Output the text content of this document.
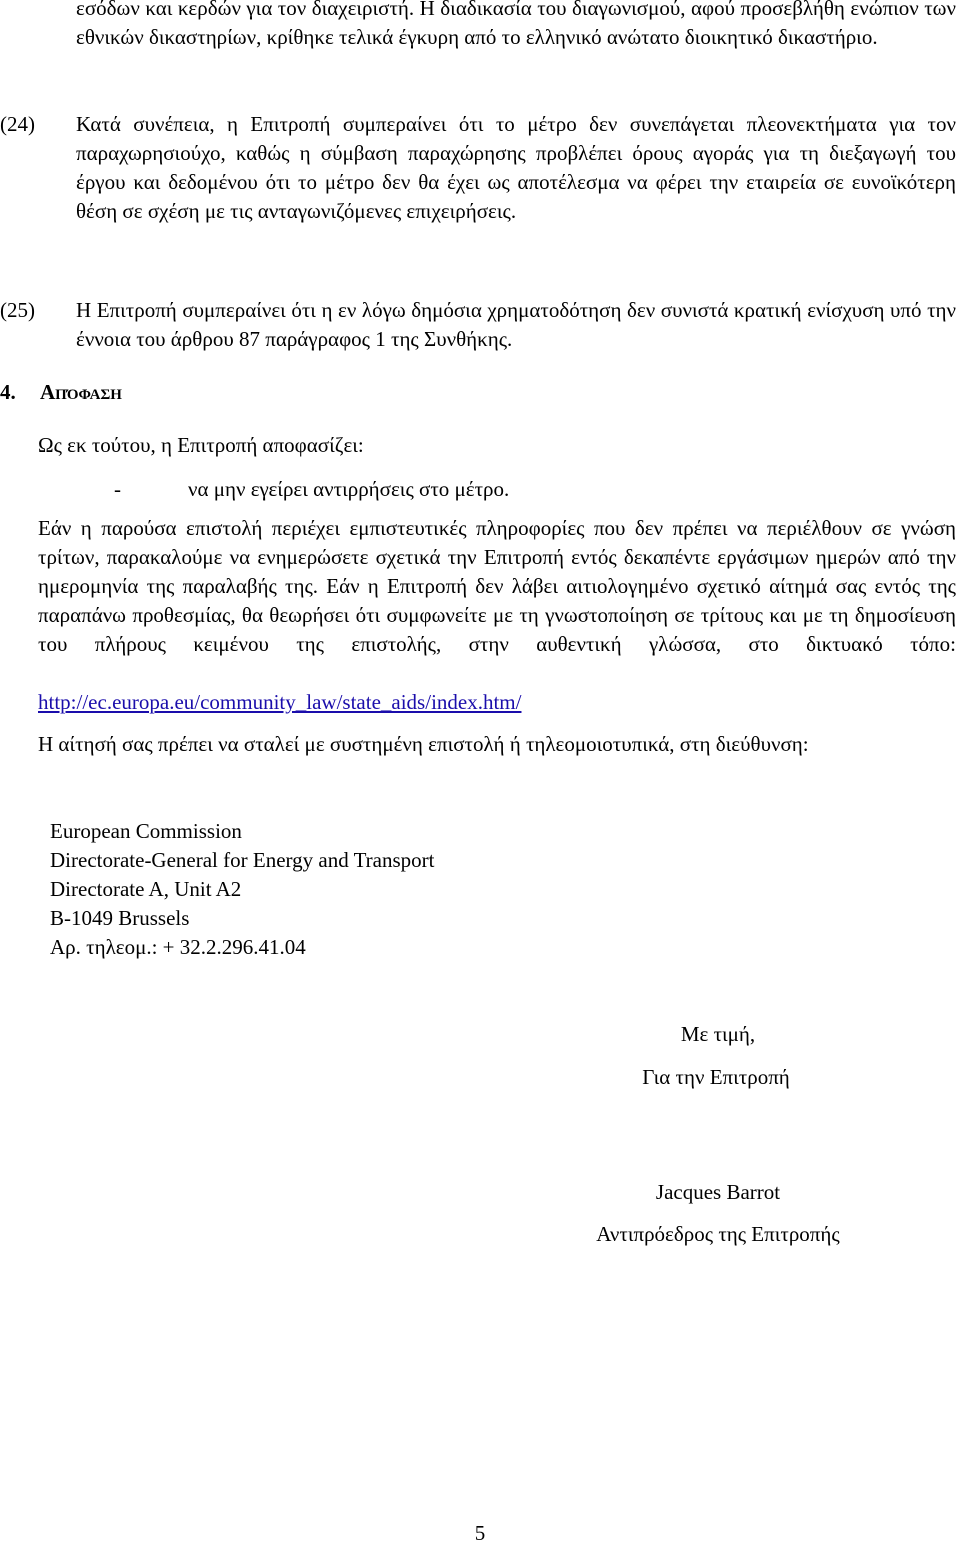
εσόδων και κερδών για τον διαχειριστή. Η διαδικασία του διαγωνισμού, αφού προσεβλήθη ενώπιον των εθνικών δικαστηρίων, κρίθηκε τελικά έγκυρη από το ελληνικό ανώτατο διοικητικό δικαστήριο.

(24) Κατά συνέπεια, η Επιτροπή συμπεραίνει ότι το μέτρο δεν συνεπάγεται πλεονεκτήματα για τον παραχωρησιούχο, καθώς η σύμβαση παραχώρησης προβλέπει όρους αγοράς για τη διεξαγωγή του έργου και δεδομένου ότι το μέτρο δεν θα έχει ως αποτέλεσμα να φέρει την εταιρεία σε ευνοϊκότερη θέση σε σχέση με τις ανταγωνιζόμενες επιχειρήσεις.

(25) Η Επιτροπή συμπεραίνει ότι η εν λόγω δημόσια χρηματοδότηση δεν συνιστά κρατική ενίσχυση υπό την έννοια του άρθρου 87 παράγραφος 1 της Συνθήκης.

4. Απόφαση
Ως εκ τούτου, η Επιτροπή αποφασίζει:
-	να μην εγείρει αντιρρήσεις στο μέτρο.

Εάν η παρούσα επιστολή περιέχει εμπιστευτικές πληροφορίες που δεν πρέπει να περιέλθουν σε γνώση τρίτων, παρακαλούμε να ενημερώσετε σχετικά την Επιτροπή εντός δεκαπέντε εργάσιμων ημερών από την ημερομηνία της παραλαβής της. Εάν η Επιτροπή δεν λάβει αιτιολογημένο σχετικό αίτημά σας εντός της παραπάνω προθεσμίας, θα θεωρήσει ότι συμφωνείτε με τη γνωστοποίηση σε τρίτους και με τη δημοσίευση του πλήρους κειμένου της επιστολής, στην αυθεντική γλώσσα, στο δικτυακό τόπο:

http://ec.europa.eu/community_law/state_aids/index.htm/

Η αίτησή σας πρέπει να σταλεί με συστημένη επιστολή ή τηλεομοιοτυπικά, στη διεύθυνση:

European Commission
Directorate-General for Energy and Transport
Directorate A, Unit A2
B-1049 Brussels
Αρ. τηλεομ.: + 32.2.296.41.04
Με τιμή,
Για την Επιτροπή
Jacques Barrot
Αντιπρόεδρος της Επιτροπής
5
